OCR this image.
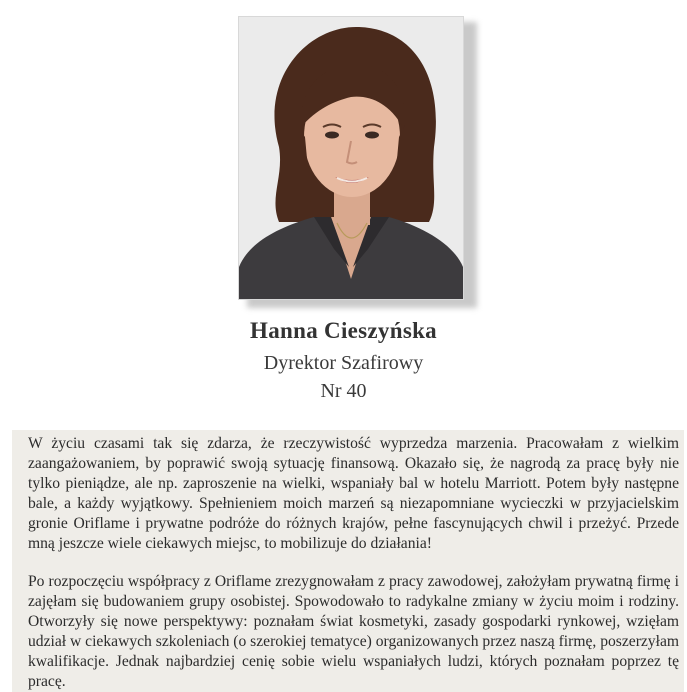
Hanna Cieszyńska
Dyrektor Szafirowy
Nr 40

W życiu czasami tak się zdarza, że rzeczywistość wyprzedza marzenia. Pracowałam z wielkim zaangażowaniem, by poprawić swoją sytuację finansową. Okazało się, że nagrodą za pracę były nie tylko pieniądze, ale np. zaproszenie na wielki, wspaniały bal w hotelu Marriott. Potem były następne bale, a każdy wyjątkowy. Spełnieniem moich marzeń są niezapomniane wycieczki w przyjacielskim gronie Oriflame i prywatne podróże do różnych krajów, pełne fascynujących chwil i przeżyć. Przede mną jeszcze wiele ciekawych miejsc, to mobilizuje do działania!

Po rozpoczęciu współpracy z Oriflame zrezygnowałam z pracy zawodowej, założyłam prywatną firmę i zajęłam się budowaniem grupy osobistej. Spowodowało to radykalne zmiany w życiu moim i rodziny. Otworzyły się nowe perspektywy: poznałam świat kosmetyki, zasady gospodarki rynkowej, wzięłam udział w ciekawych szkoleniach (o szerokiej tematyce) organizowanych przez naszą firmę, poszerzyłam kwalifikacje. Jednak najbardziej cenię sobie wielu wspaniałych ludzi, których poznałam poprzez tę pracę.
